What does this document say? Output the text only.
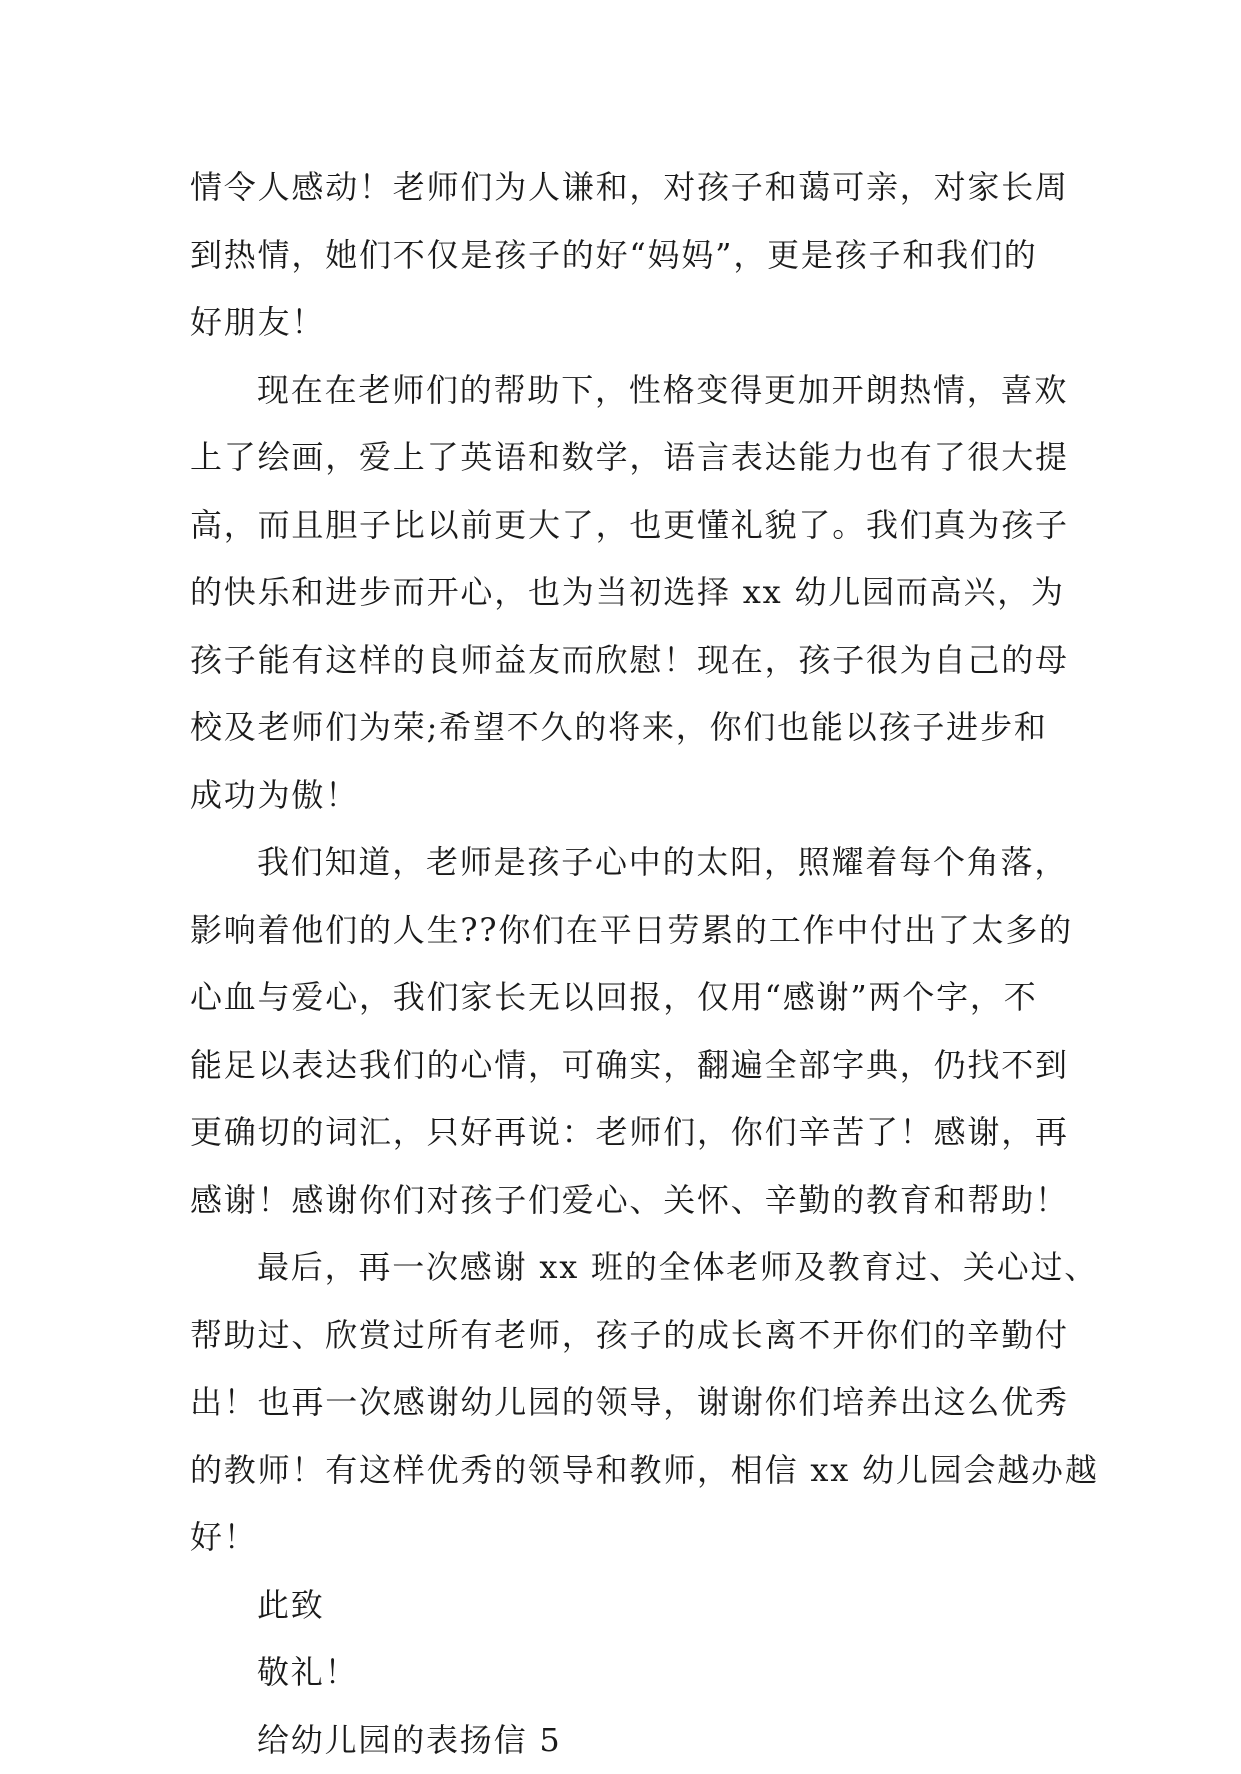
情令人感动！老师们为人谦和，对孩子和蔼可亲，对家长周
到热情，她们不仅是孩子的好“妈妈”，更是孩子和我们的
好朋友！
现在在老师们的帮助下，性格变得更加开朗热情，喜欢
上了绘画，爱上了英语和数学，语言表达能力也有了很大提
高，而且胆子比以前更大了，也更懂礼貌了。我们真为孩子
的快乐和进步而开心，也为当初选择 xx 幼儿园而高兴，为
孩子能有这样的良师益友而欣慰！现在，孩子很为自己的母
校及老师们为荣;希望不久的将来，你们也能以孩子进步和
成功为傲！
我们知道，老师是孩子心中的太阳，照耀着每个角落，
影响着他们的人生??你们在平日劳累的工作中付出了太多的
心血与爱心，我们家长无以回报，仅用“感谢”两个字，不
能足以表达我们的心情，可确实，翻遍全部字典，仍找不到
更确切的词汇，只好再说：老师们，你们辛苦了！感谢，再
感谢！感谢你们对孩子们爱心、关怀、辛勤的教育和帮助！
最后，再一次感谢 xx 班的全体老师及教育过、关心过、
帮助过、欣赏过所有老师，孩子的成长离不开你们的辛勤付
出！也再一次感谢幼儿园的领导，谢谢你们培养出这么优秀
的教师！有这样优秀的领导和教师，相信 xx 幼儿园会越办越
好！
此致
敬礼！
给幼儿园的表扬信 5
